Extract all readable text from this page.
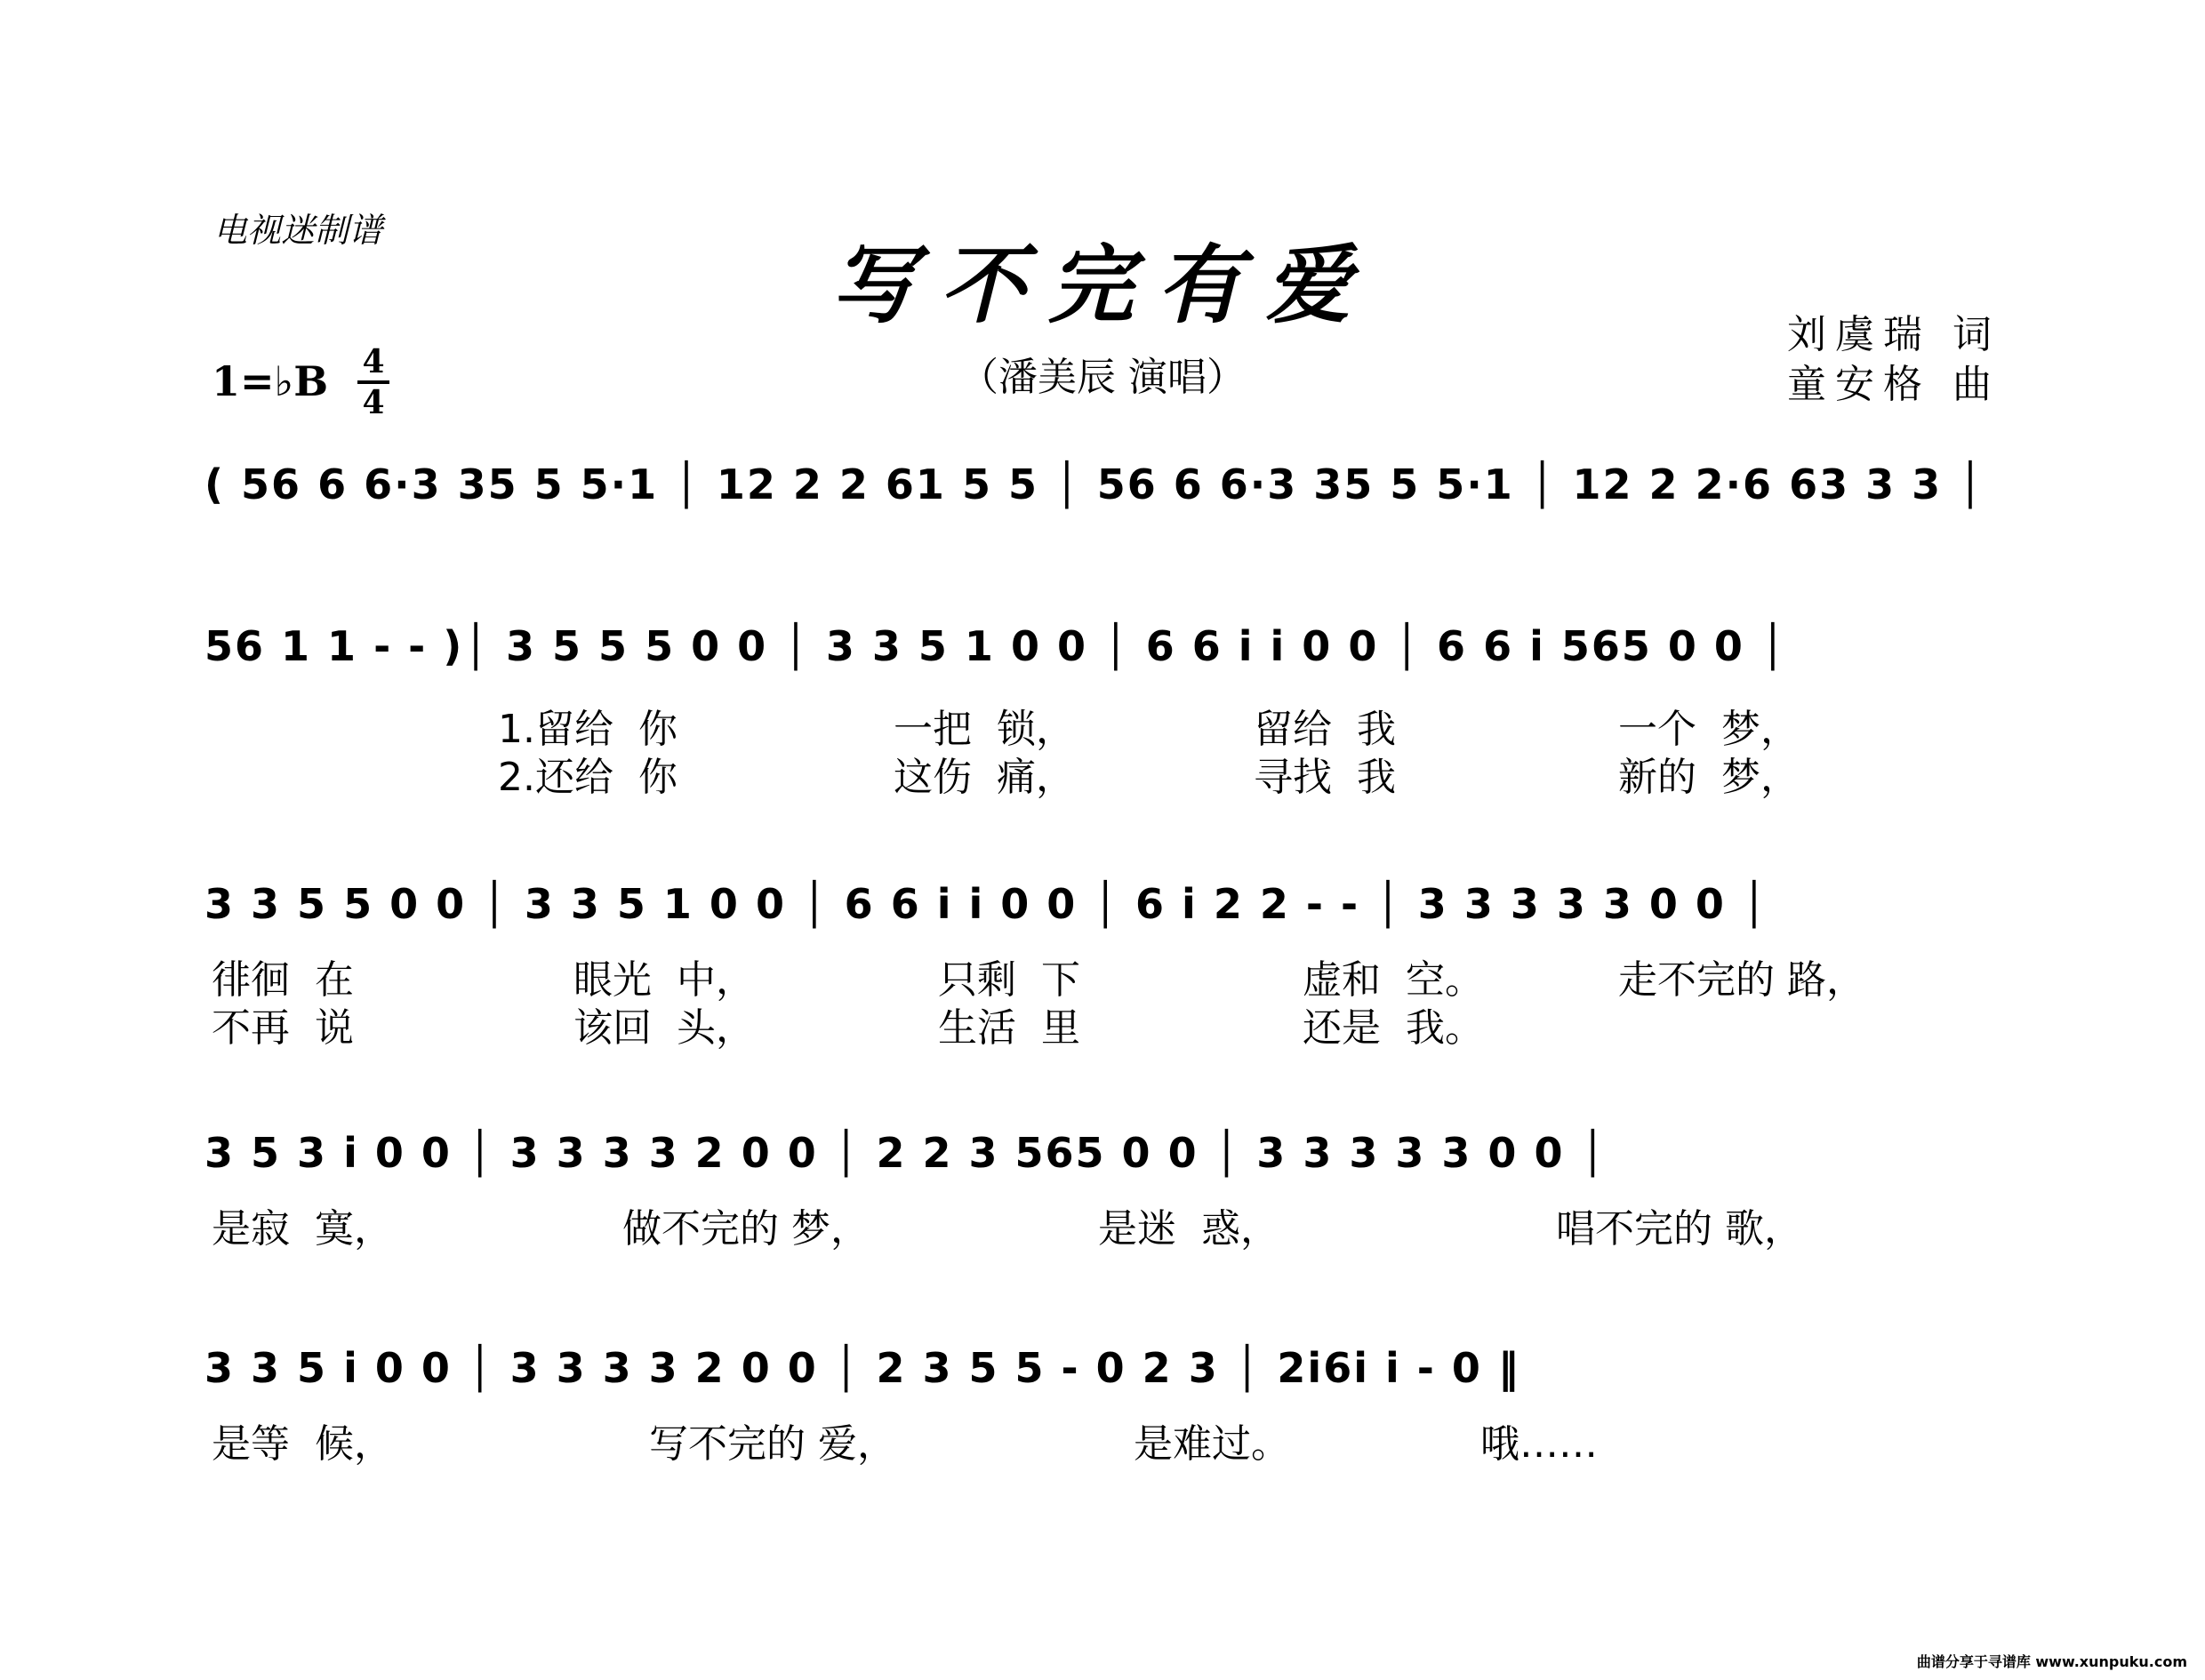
电视迷制谱
写不完有爱
（潘美辰 演唱）
刘虞瑞 词
童安格 曲
1=♭B 4
4
( 56 6 6·3 35 5 5·1 │ 12 2 2 61 5 5 │ 56 6 6·3 35 5 5·1 │ 12 2 2·6 63 3 3 │
56 1 1 - - )│ 3 5 5 5 0 0 │ 3 3 5 1 0 0 │ 6 6 i i 0 0 │ 6 6 i 565 0 0 │
1.留给  你	一把  锁，	留给  我	一个  梦，
2.还给  你	这伤  痛，	寻找  我	新的  梦，
3 3 5 5 0 0 │ 3 3 5 1 0 0 │ 6 6 i i 0 0 │ 6 i 2 2 - - │ 3 3 3 3 3 0 0 │
徘徊  在	眼光  中，	只剩  下	虚和  空。	走不完的 路，
不再  说	该回  头，	生活  里	还是  我。
3 5 3 i 0 0 │ 3 3 3 3 2 0 0 │ 2 2 3 565 0 0 │ 3 3 3 3 3 0 0 │
是寂  寞，	做不完的 梦，	是迷  惑，	唱不完的 歌，
3 3 5 i 0 0 │ 3 3 3 3 2 0 0 │ 2 3 5 5 - 0 2 3 │ 2i6i i - 0 ‖
是等  候，	写不完的 爱，	是难过。	哦……
曲谱分享于寻谱库 www.xunpuku.com
